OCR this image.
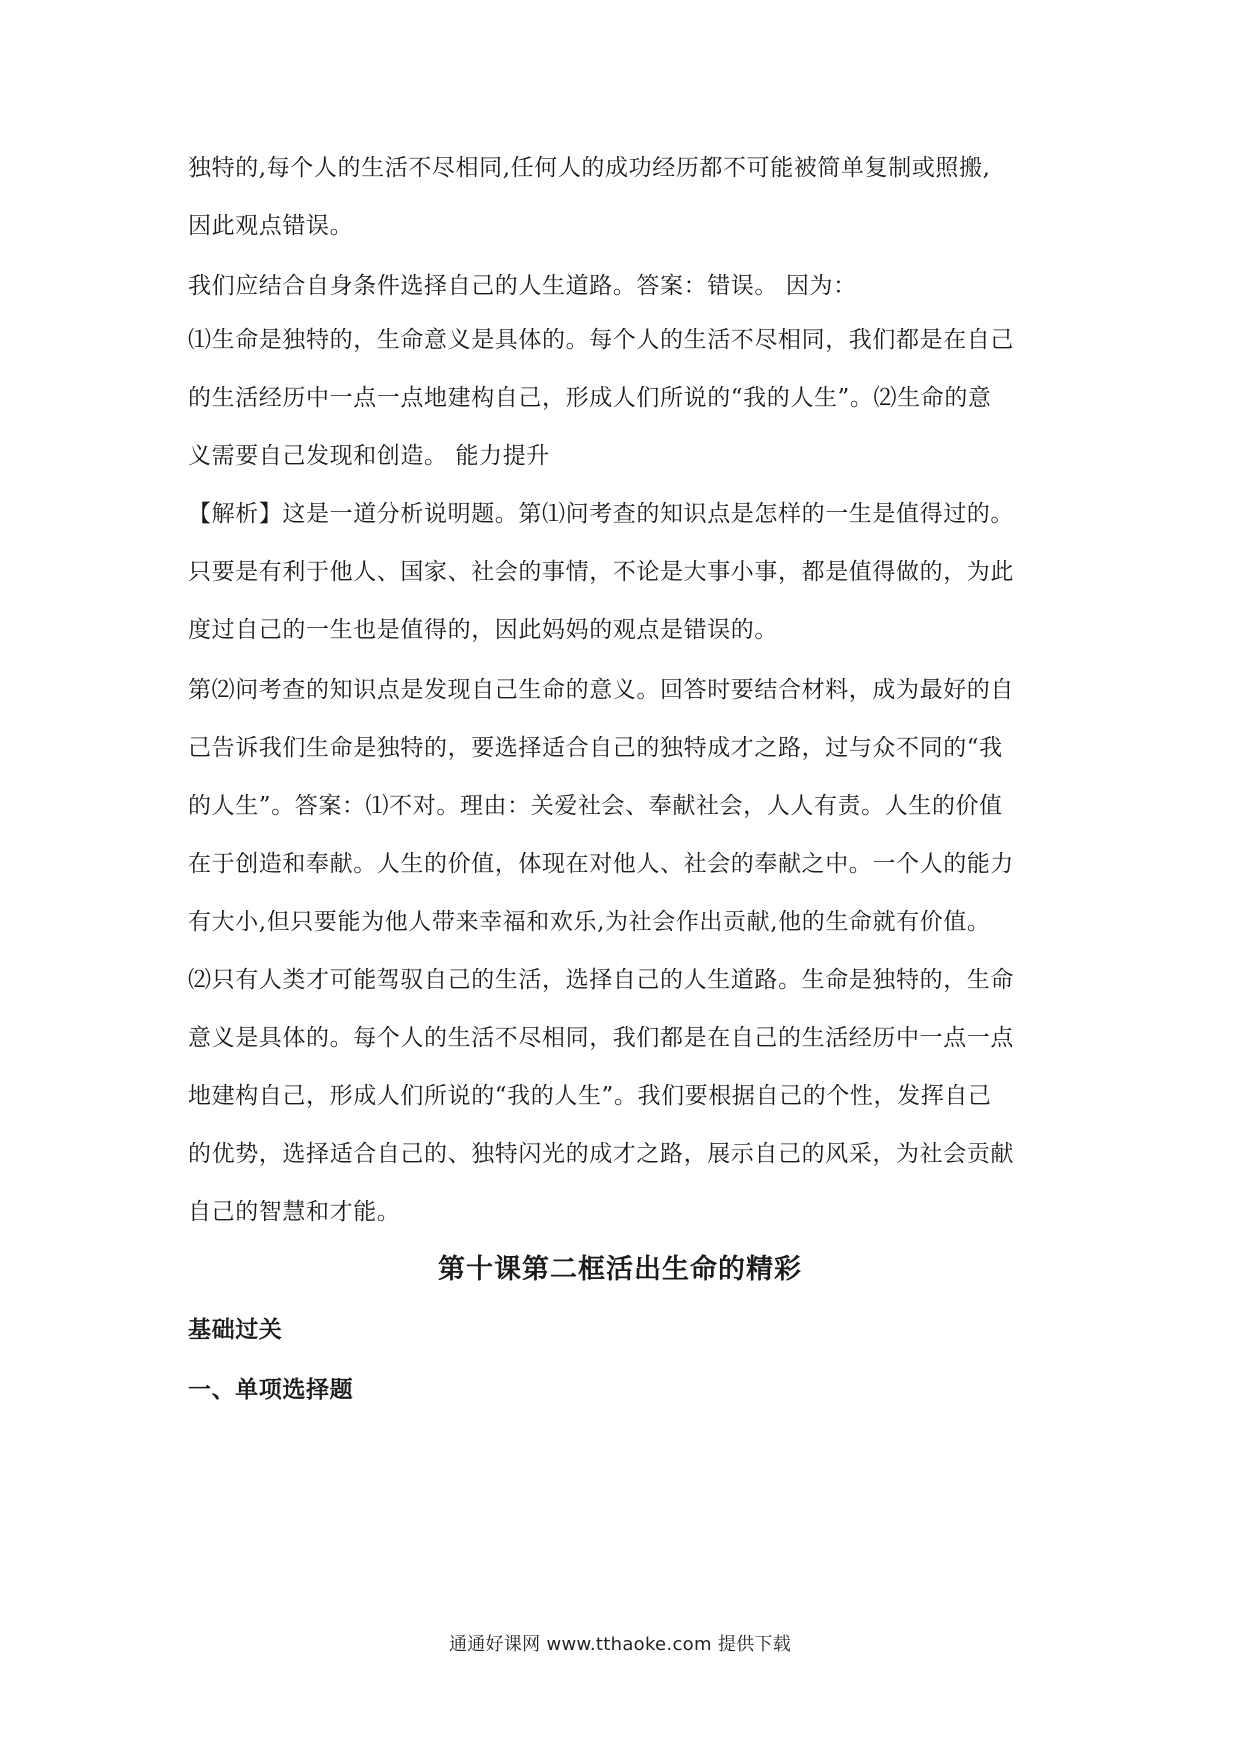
独特的,每个人的生活不尽相同,任何人的成功经历都不可能被简单复制或照搬,
因此观点错误。
我们应结合自身条件选择自己的人生道路。答案：错误。 因为：
⑴生命是独特的，生命意义是具体的。每个人的生活不尽相同，我们都是在自己
的生活经历中一点一点地建构自己，形成人们所说的“我的人生”。⑵生命的意
义需要自己发现和创造。 能力提升
【解析】这是一道分析说明题。第⑴问考查的知识点是怎样的一生是值得过的。
只要是有利于他人、国家、社会的事情，不论是大事小事，都是值得做的，为此
度过自己的一生也是值得的，因此妈妈的观点是错误的。
第⑵问考查的知识点是发现自己生命的意义。回答时要结合材料，成为最好的自
己告诉我们生命是独特的，要选择适合自己的独特成才之路，过与众不同的“我
的人生”。答案：⑴不对。理由：关爱社会、奉献社会，人人有责。人生的价值
在于创造和奉献。人生的价值，体现在对他人、社会的奉献之中。一个人的能力
有大小,但只要能为他人带来幸福和欢乐,为社会作出贡献,他的生命就有价值。
⑵只有人类才可能驾驭自己的生活，选择自己的人生道路。生命是独特的，生命
意义是具体的。每个人的生活不尽相同，我们都是在自己的生活经历中一点一点
地建构自己，形成人们所说的“我的人生”。我们要根据自己的个性，发挥自己
的优势，选择适合自己的、独特闪光的成才之路，展示自己的风采，为社会贡献
自己的智慧和才能。
第十课第二框活出生命的精彩
基础过关
一、单项选择题
通通好课网 www.tthaoke.com 提供下载
